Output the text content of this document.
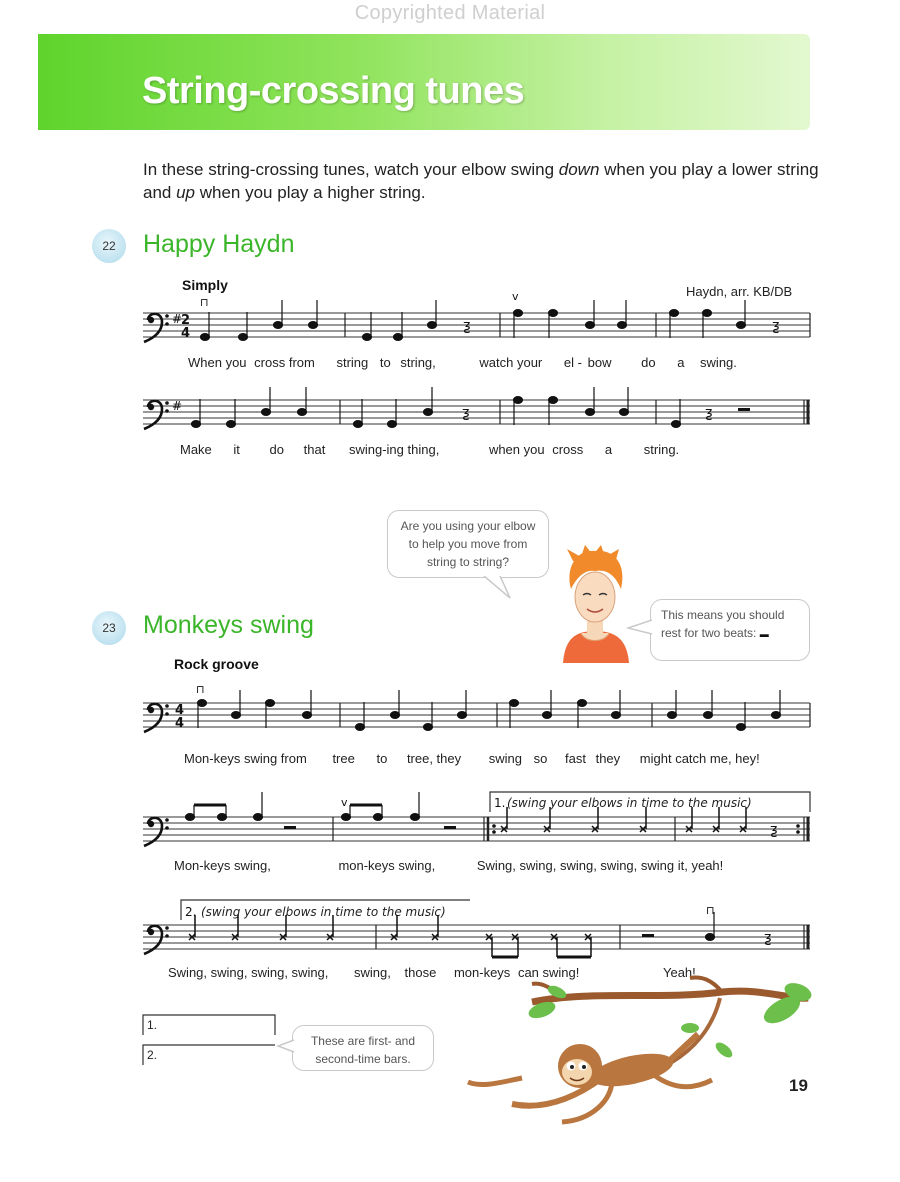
Copyrighted Material
String-crossing tunes
In these string-crossing tunes, watch your elbow swing down when you play a lower string and up when you play a higher string.
22	Happy Haydn
Simply	Haydn, arr. KB/DB
#
2
4	ƺ	ƺ
⊓	v
#	ƺ	ƺ
4
4
⊓
v
ƺ
1. (swing your elbows in time to the music)
2. (swing your elbows in time to the music)	⊓
ƺ
When you cross from string to string,	watch your el - bow do a swing.
Make it do that swing-ing thing,	when you cross a string.
Are you using your elbow to help you move from string to string?
This means you should rest for two beats: ▬
23	Monkeys swing
Rock groove
Mon-keys swing from tree to tree, they swing so fast they might catch me, hey!
Mon-keys swing,	mon-keys swing,	Swing, swing, swing, swing, swing it, yeah!
Swing, swing, swing, swing, swing, those mon-keys can swing!	Yeah!
1.
2.
These are first- and second-time bars.
19
